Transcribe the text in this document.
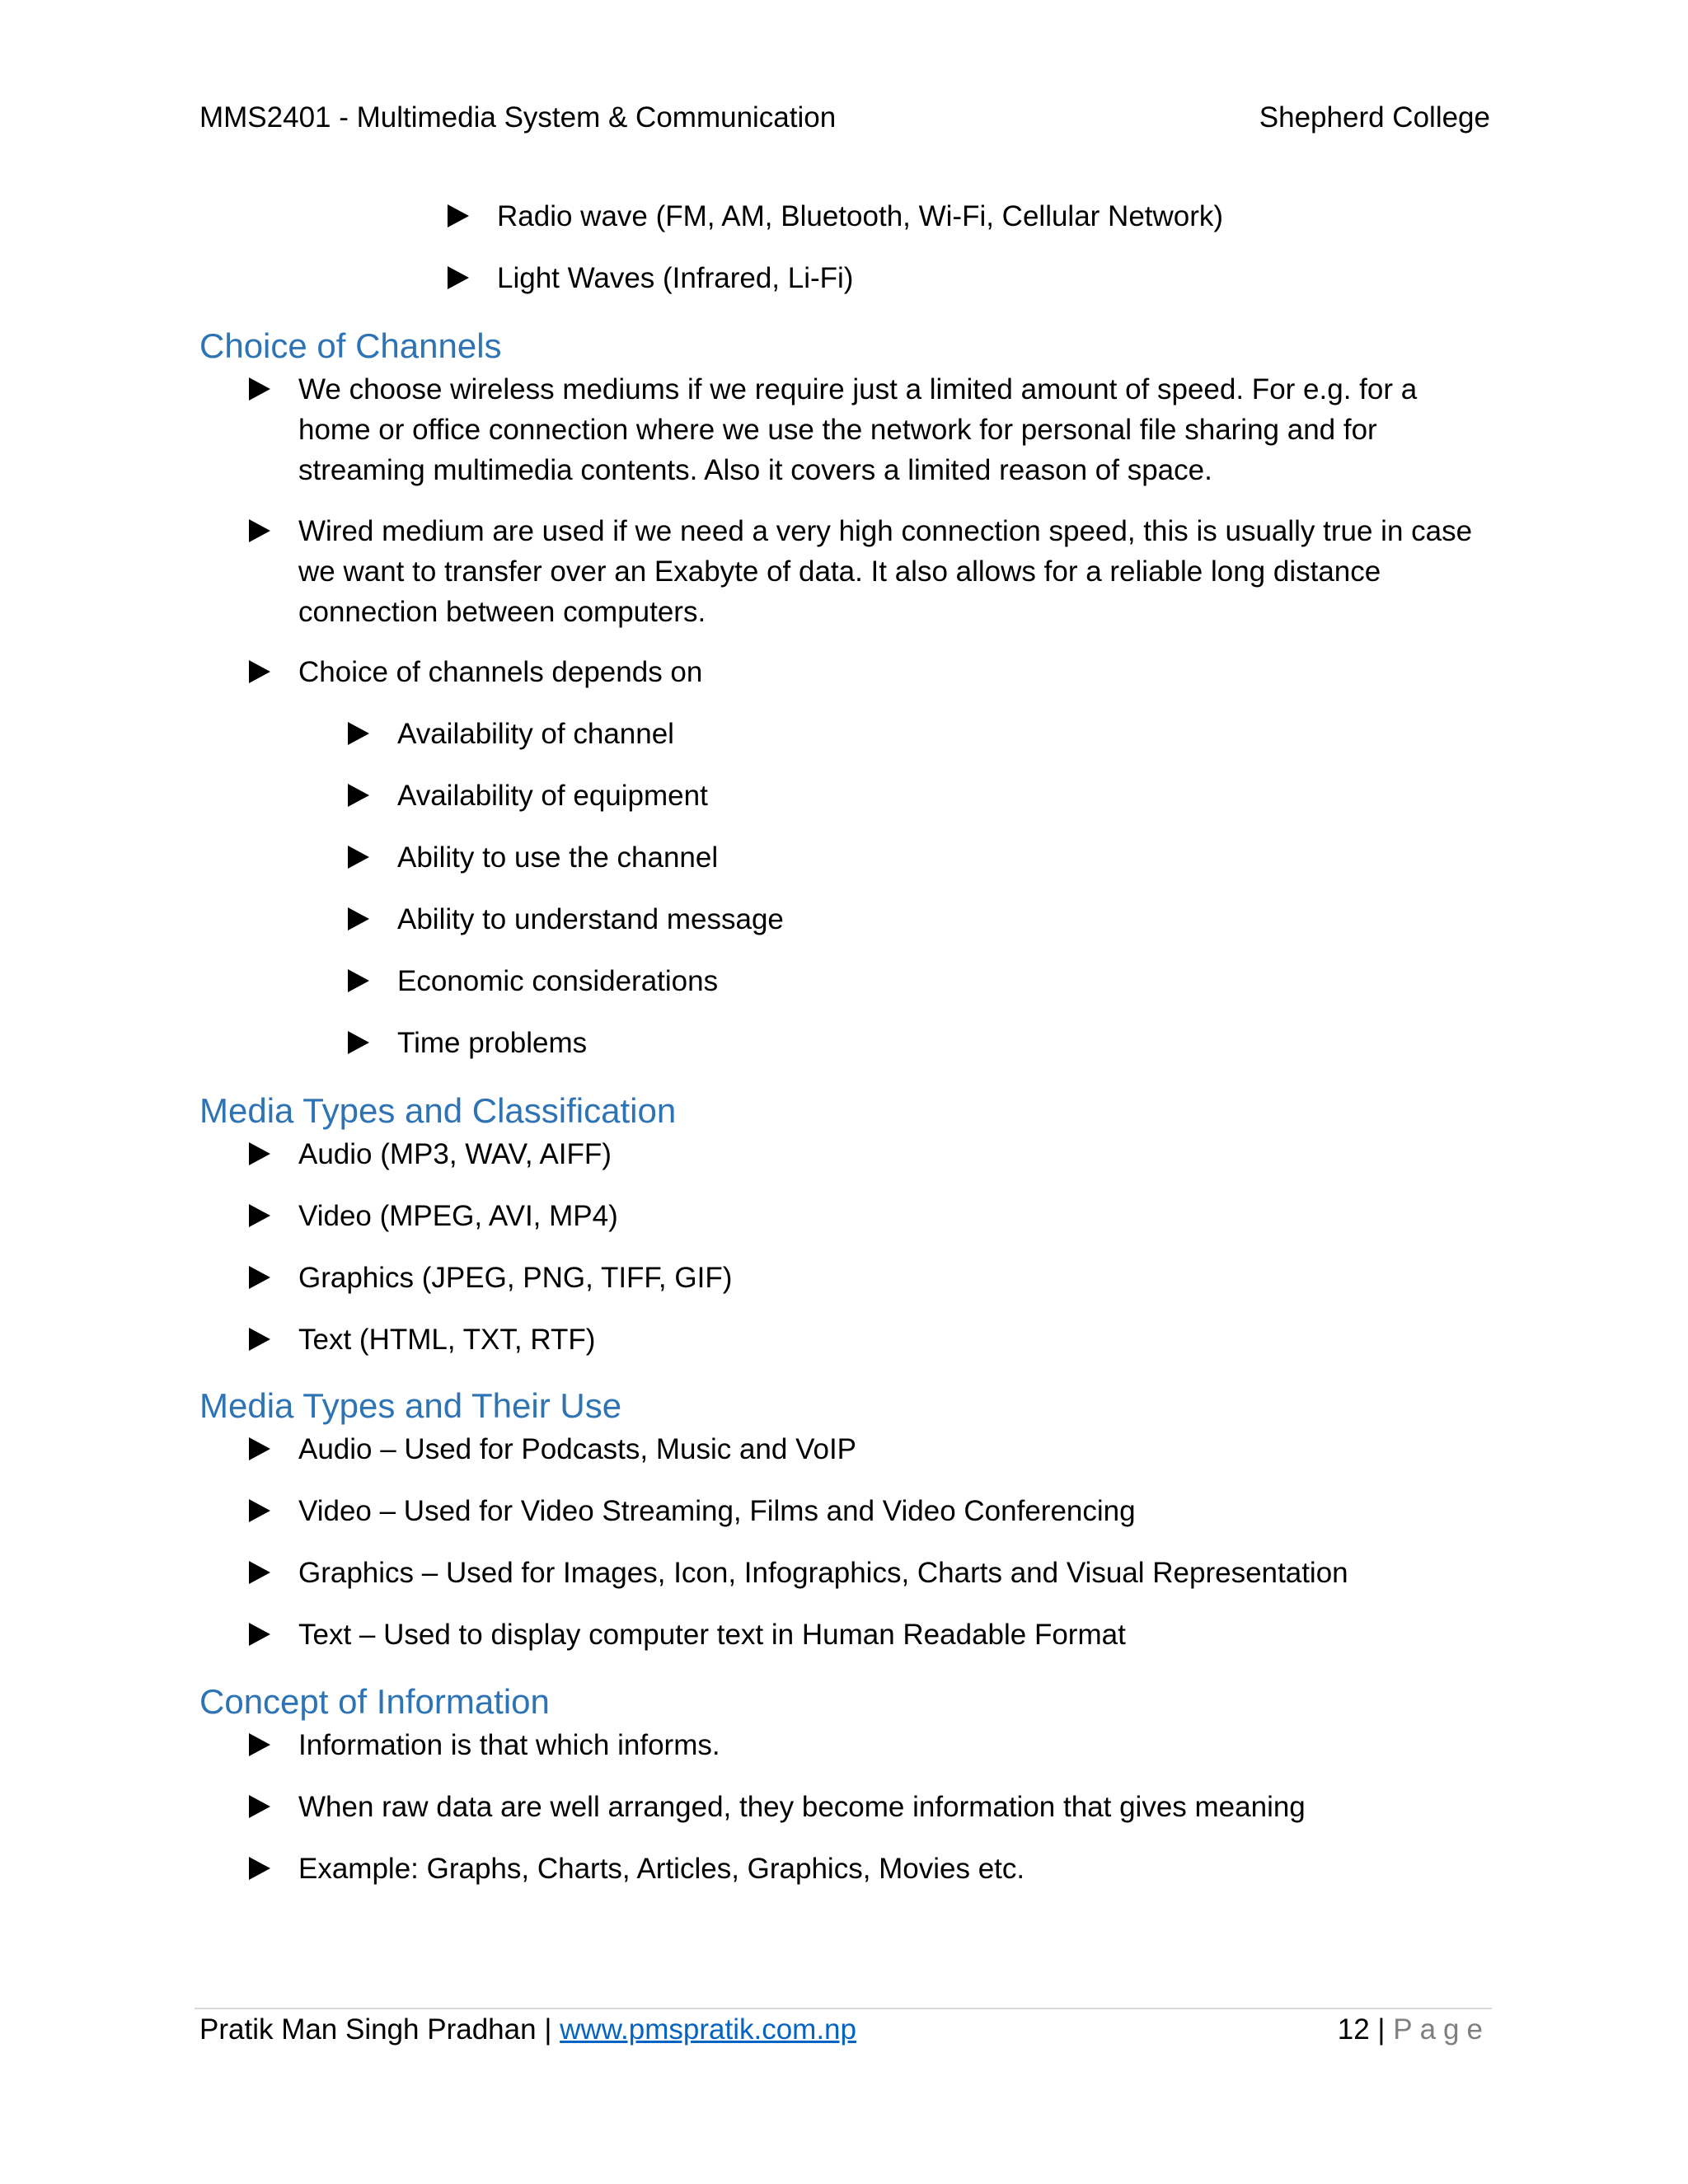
MMS2401 - Multimedia System & Communication	Shepherd College
Radio wave (FM, AM, Bluetooth, Wi-Fi, Cellular Network)
Light Waves (Infrared, Li-Fi)
Choice of Channels
We choose wireless mediums if we require just a limited amount of speed. For e.g. for a home or office connection where we use the network for personal file sharing and for streaming multimedia contents. Also it covers a limited reason of space.
Wired medium are used if we need a very high connection speed, this is usually true in case we want to transfer over an Exabyte of data. It also allows for a reliable long distance connection between computers.
Choice of channels depends on
Availability of channel
Availability of equipment
Ability to use the channel
Ability to understand message
Economic considerations
Time problems
Media Types and Classification
Audio (MP3, WAV, AIFF)
Video (MPEG, AVI, MP4)
Graphics (JPEG, PNG, TIFF, GIF)
Text (HTML, TXT, RTF)
Media Types and Their Use
Audio – Used for Podcasts, Music and VoIP
Video – Used for Video Streaming, Films and Video Conferencing
Graphics – Used for Images, Icon, Infographics, Charts and Visual Representation
Text – Used to display computer text in Human Readable Format
Concept of Information
Information is that which informs.
When raw data are well arranged, they become information that gives meaning
Example: Graphs, Charts, Articles, Graphics, Movies etc.
Pratik Man Singh Pradhan | www.pmspratik.com.np	12 | Page
